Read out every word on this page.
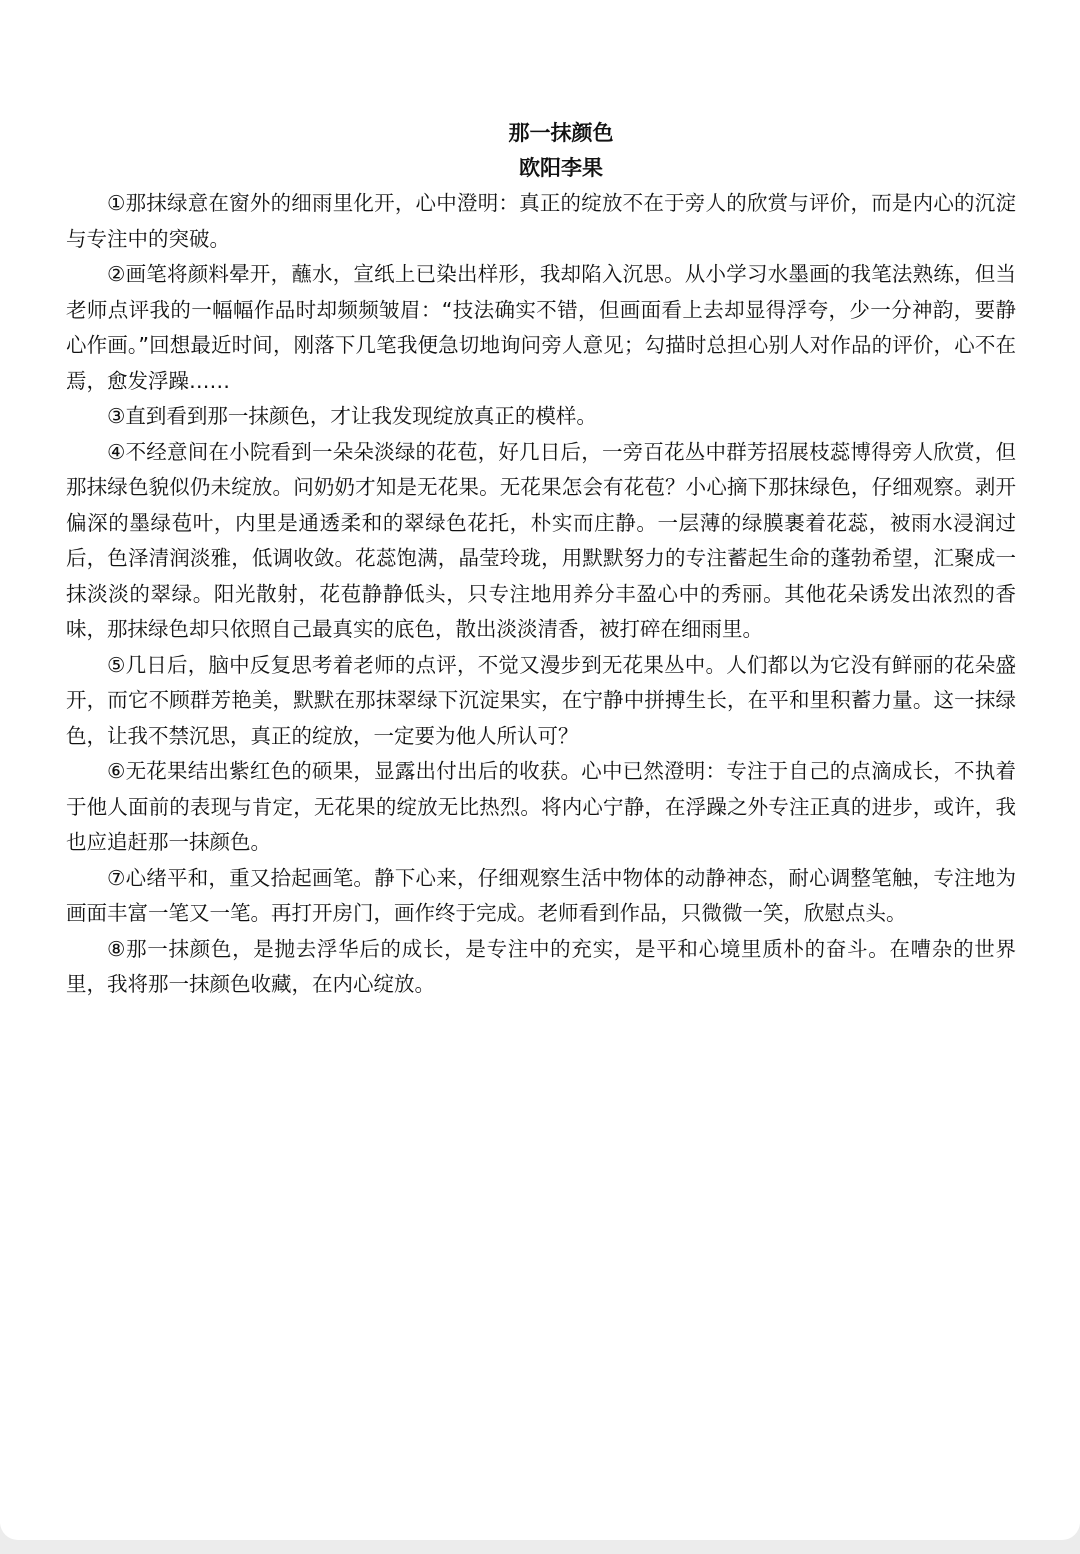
那一抹颜色

欧阳李果

①那抹绿意在窗外的细雨里化开，心中澄明：真正的绽放不在于旁人的欣赏与评价，而是内心的沉淀与专注中的突破。

②画笔将颜料晕开，蘸水，宣纸上已染出样形，我却陷入沉思。从小学习水墨画的我笔法熟练，但当老师点评我的一幅幅作品时却频频皱眉：“技法确实不错，但画面看上去却显得浮夸，少一分神韵，要静心作画。”回想最近时间，刚落下几笔我便急切地询问旁人意见；勾描时总担心别人对作品的评价，心不在焉，愈发浮躁……

③直到看到那一抹颜色，才让我发现绽放真正的模样。

④不经意间在小院看到一朵朵淡绿的花苞，好几日后，一旁百花丛中群芳招展枝蕊博得旁人欣赏，但那抹绿色貌似仍未绽放。问奶奶才知是无花果。无花果怎会有花苞？小心摘下那抹绿色，仔细观察。剥开偏深的墨绿苞叶，内里是通透柔和的翠绿色花托，朴实而庄静。一层薄的绿膜裹着花蕊，被雨水浸润过后，色泽清润淡雅，低调收敛。花蕊饱满，晶莹玲珑，用默默努力的专注蓄起生命的蓬勃希望，汇聚成一抹淡淡的翠绿。阳光散射，花苞静静低头，只专注地用养分丰盈心中的秀丽。其他花朵诱发出浓烈的香味，那抹绿色却只依照自己最真实的底色，散出淡淡清香，被打碎在细雨里。

⑤几日后，脑中反复思考着老师的点评，不觉又漫步到无花果丛中。人们都以为它没有鲜丽的花朵盛开，而它不顾群芳艳美，默默在那抹翠绿下沉淀果实，在宁静中拼搏生长，在平和里积蓄力量。这一抹绿色，让我不禁沉思，真正的绽放，一定要为他人所认可？

⑥无花果结出紫红色的硕果，显露出付出后的收获。心中已然澄明：专注于自己的点滴成长，不执着于他人面前的表现与肯定，无花果的绽放无比热烈。将内心宁静，在浮躁之外专注正真的进步，或许，我也应追赶那一抹颜色。

⑦心绪平和，重又拾起画笔。静下心来，仔细观察生活中物体的动静神态，耐心调整笔触，专注地为画面丰富一笔又一笔。再打开房门，画作终于完成。老师看到作品，只微微一笑，欣慰点头。

⑧那一抹颜色，是抛去浮华后的成长，是专注中的充实，是平和心境里质朴的奋斗。在嘈杂的世界里，我将那一抹颜色收藏，在内心绽放。
